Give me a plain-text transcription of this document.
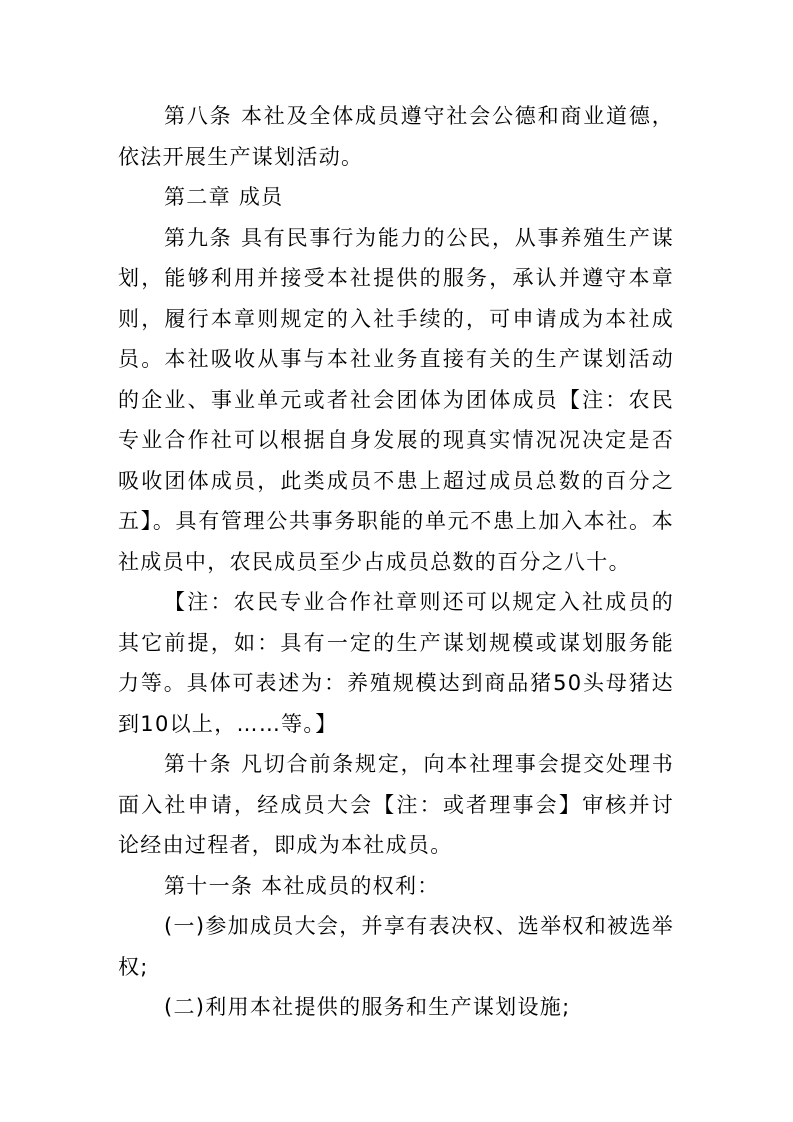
第八条 本社及全体成员遵守社会公德和商业道德，依法开展生产谋划活动。

第二章 成员

第九条 具有民事行为能力的公民，从事养殖生产谋划，能够利用并接受本社提供的服务，承认并遵守本章则，履行本章则规定的入社手续的，可申请成为本社成员。本社吸收从事与本社业务直接有关的生产谋划活动的企业、事业单元或者社会团体为团体成员【注：农民专业合作社可以根据自身发展的现真实情况况决定是否吸收团体成员，此类成员不患上超过成员总数的百分之五】。具有管理公共事务职能的单元不患上加入本社。本社成员中，农民成员至少占成员总数的百分之八十。

【注：农民专业合作社章则还可以规定入社成员的其它前提，如：具有一定的生产谋划规模或谋划服务能力等。具体可表述为：养殖规模达到商品猪50头母猪达到10以上，……等。】

第十条 凡切合前条规定，向本社理事会提交处理书面入社申请，经成员大会【注：或者理事会】审核并讨论经由过程者，即成为本社成员。

第十一条 本社成员的权利：

(一)参加成员大会，并享有表决权、选举权和被选举权;

(二)利用本社提供的服务和生产谋划设施;
